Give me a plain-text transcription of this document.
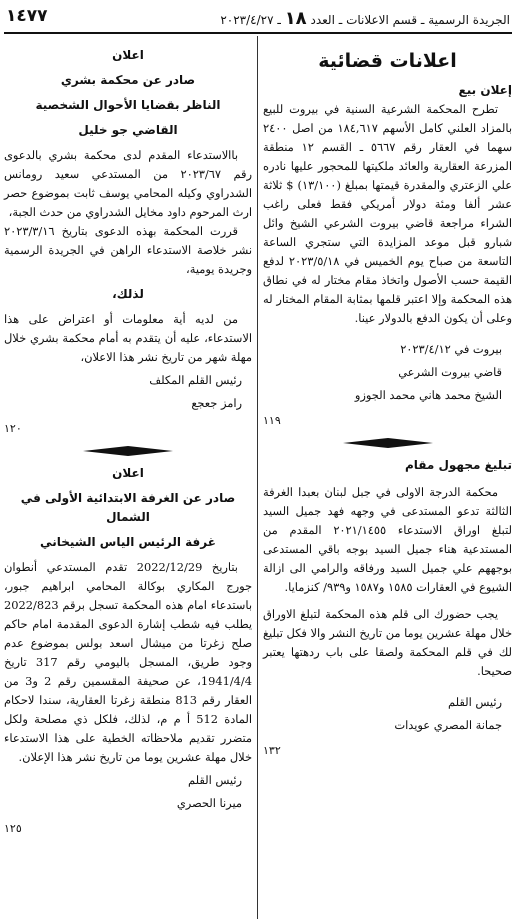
١٤٧٧	الجريدة الرسمية ـ قسم الاعلانات ـ العدد ١٨ ـ ٢٠٢٣/٤/٢٧
اعلانات قضائية
إعلان بيع
تطرح المحكمة الشرعية السنية في بيروت للبيع بالمزاد العلني كامل الأسهم ١٨٤,٦١٧ من اصل ٢٤٠٠ سهما في العقار رقم ٥٦٦٧ ـ القسم ١٢ منطقة المزرعة العقارية والعائد ملكيتها للمحجور عليها نادره علي الزعتري والمقدرة قيمتها بمبلغ (١٣/١٠٠) $ ثلاثة عشر ألفا ومئة دولار أمريكي فقط فعلى راغب الشراء مراجعة قاضي بيروت الشرعي الشيخ وائل شبارو قبل موعد المزايدة التي ستجري الساعة التاسعة من صباح يوم الخميس في ٢٠٢٣/٥/١٨ لدفع القيمة حسب الأصول واتخاذ مقام مختار له في نطاق هذه المحكمة وإلا اعتبر قلمها بمثابة المقام المختار له وعلى أن يكون الدفع بالدولار عينا.
بيروت في ٢٠٢٣/٤/١٢
قاضي بيروت الشرعي
الشيخ محمد هاني محمد الجوزو
١١٩
تبليغ مجهول مقام
محكمة الدرجة الاولى في جبل لبنان بعبدا الغرفة الثالثة تدعو المستدعى في وجهه فهد جميل السيد لتبلغ اوراق الاستدعاء ٢٠٢١/١٤٥٥ المقدم من المستدعية هناء جميل السيد بوجه باقي المستدعى بوجههم علي جميل السيد ورفاقه والرامي الى ازالة الشيوع في العقارات ١٥٨٥ و١٥٨٧ و٩٣٩/ كنزمايا.
يجب حضورك الى قلم هذه المحكمة لتبلغ الاوراق خلال مهلة عشرين يوما من تاريخ النشر والا فكل تبليغ لك في قلم المحكمة ولصقا على باب ردهتها يعتبر صحيحا.
رئيس القلم
جمانة المصري عويدات
١٣٢
اعلان
صادر عن محكمة بشري
الناظر بقضايا الأحوال الشخصية
القاضي جو خليل
باالاستدعاء المقدم لدى محكمة بشري بالدعوى رقم ٢٠٢٣/٦٧ من المستدعي سعيد رومانس الشدراوي وكيله المحامي يوسف ثابت بموضوع حصر ارث المرحوم داود مخايل الشدراوي من حدث الجبة،
قررت المحكمة بهذه الدعوى بتاريخ ٢٠٢٣/٣/١٦ نشر خلاصة الاستدعاء الراهن في الجريدة الرسمية وجريدة يومية،
لذلك،
من لديه أية معلومات أو اعتراض على هذا الاستدعاء، عليه أن يتقدم به أمام محكمة بشري خلال مهلة شهر من تاريخ نشر هذا الاعلان،
رئيس القلم المكلف
رامز جعجع
١٢٠
اعلان
صادر عن الغرفة الابتدائية الأولى في الشمال
غرفة الرئيس الياس الشيخاني
بتاريخ 2022/12/29 تقدم المستدعي أنطوان جورج المكاري بوكالة المحامي ابراهيم جبور، باستدعاء امام هذه المحكمة تسجل برقم 2022/823 يطلب فيه شطب إشارة الدعوى المقدمة امام حاكم صلح زغرتا من ميشال اسعد بولس بموضوع عدم وجود طريق، المسجل باليومي رقم 317 تاريخ 1941/4/4، عن صحيفة المقسمين رقم 2 و3 من العقار رقم 813 منطقة زغرتا العقارية، سندا لاحكام المادة 512 أ م م، لذلك، فلكل ذي مصلحة ولكل متضرر تقديم ملاحظاته الخطية على هذا الاستدعاء خلال مهلة عشرين يوما من تاريخ نشر هذا الإعلان.
رئيس القلم
ميرنا الحصري
١٢٥
